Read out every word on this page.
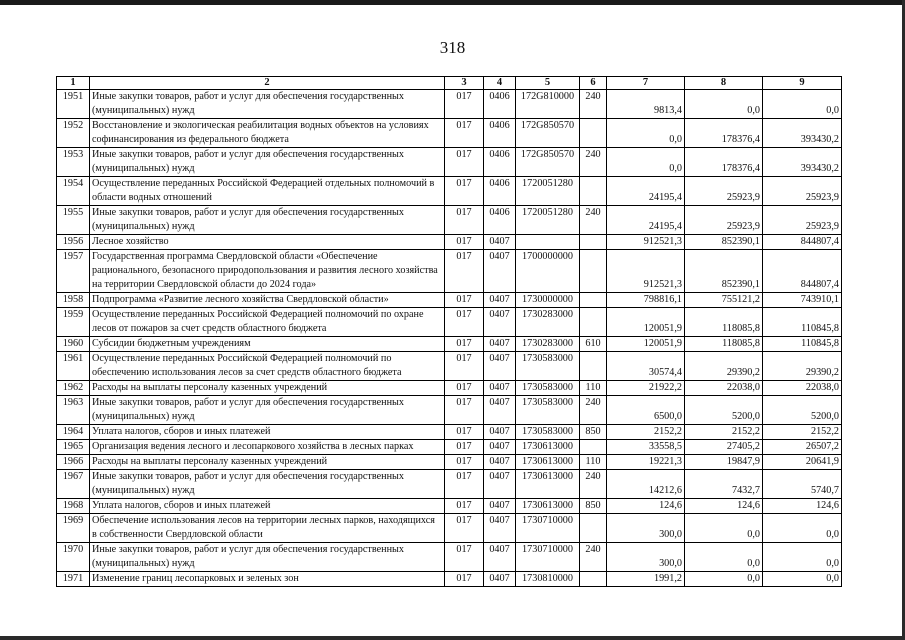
318
1	2	3	4	5	6	7	8	9
1951	Иные закупки товаров, работ и услуг для обеспечения государственных (муниципальных) нужд	017	0406	172G810000	240	9813,4	0,0	0,0
1952	Восстановление и экологическая реабилитация водных объектов на условиях софинансирования из федерального бюджета	017	0406	172G850570		0,0	178376,4	393430,2
1953	Иные закупки товаров, работ и услуг для обеспечения государственных (муниципальных) нужд	017	0406	172G850570	240	0,0	178376,4	393430,2
1954	Осуществление переданных Российской Федерацией отдельных полномочий в области водных отношений	017	0406	1720051280		24195,4	25923,9	25923,9
1955	Иные закупки товаров, работ и услуг для обеспечения государственных (муниципальных) нужд	017	0406	1720051280	240	24195,4	25923,9	25923,9
1956	Лесное хозяйство	017	0407			912521,3	852390,1	844807,4
1957	Государственная программа Свердловской области «Обеспечение рационального, безопасного природопользования и развития лесного хозяйства на территории Свердловской области до 2024 года»	017	0407	1700000000		912521,3	852390,1	844807,4
1958	Подпрограмма «Развитие лесного хозяйства Свердловской области»	017	0407	1730000000		798816,1	755121,2	743910,1
1959	Осуществление переданных Российской Федерацией полномочий по охране лесов от пожаров за счет средств областного бюджета	017	0407	1730283000		120051,9	118085,8	110845,8
1960	Субсидии бюджетным учреждениям	017	0407	1730283000	610	120051,9	118085,8	110845,8
1961	Осуществление переданных Российской Федерацией полномочий по обеспечению использования лесов за счет средств областного бюджета	017	0407	1730583000		30574,4	29390,2	29390,2
1962	Расходы на выплаты персоналу казенных учреждений	017	0407	1730583000	110	21922,2	22038,0	22038,0
1963	Иные закупки товаров, работ и услуг для обеспечения государственных (муниципальных) нужд	017	0407	1730583000	240	6500,0	5200,0	5200,0
1964	Уплата налогов, сборов и иных платежей	017	0407	1730583000	850	2152,2	2152,2	2152,2
1965	Организация ведения лесного и лесопаркового хозяйства в лесных парках	017	0407	1730613000		33558,5	27405,2	26507,2
1966	Расходы на выплаты персоналу казенных учреждений	017	0407	1730613000	110	19221,3	19847,9	20641,9
1967	Иные закупки товаров, работ и услуг для обеспечения государственных (муниципальных) нужд	017	0407	1730613000	240	14212,6	7432,7	5740,7
1968	Уплата налогов, сборов и иных платежей	017	0407	1730613000	850	124,6	124,6	124,6
1969	Обеспечение использования лесов на территории лесных парков, находящихся в собственности Свердловской области	017	0407	1730710000		300,0	0,0	0,0
1970	Иные закупки товаров, работ и услуг для обеспечения государственных (муниципальных) нужд	017	0407	1730710000	240	300,0	0,0	0,0
1971	Изменение границ лесопарковых и зеленых зон	017	0407	1730810000		1991,2	0,0	0,0
